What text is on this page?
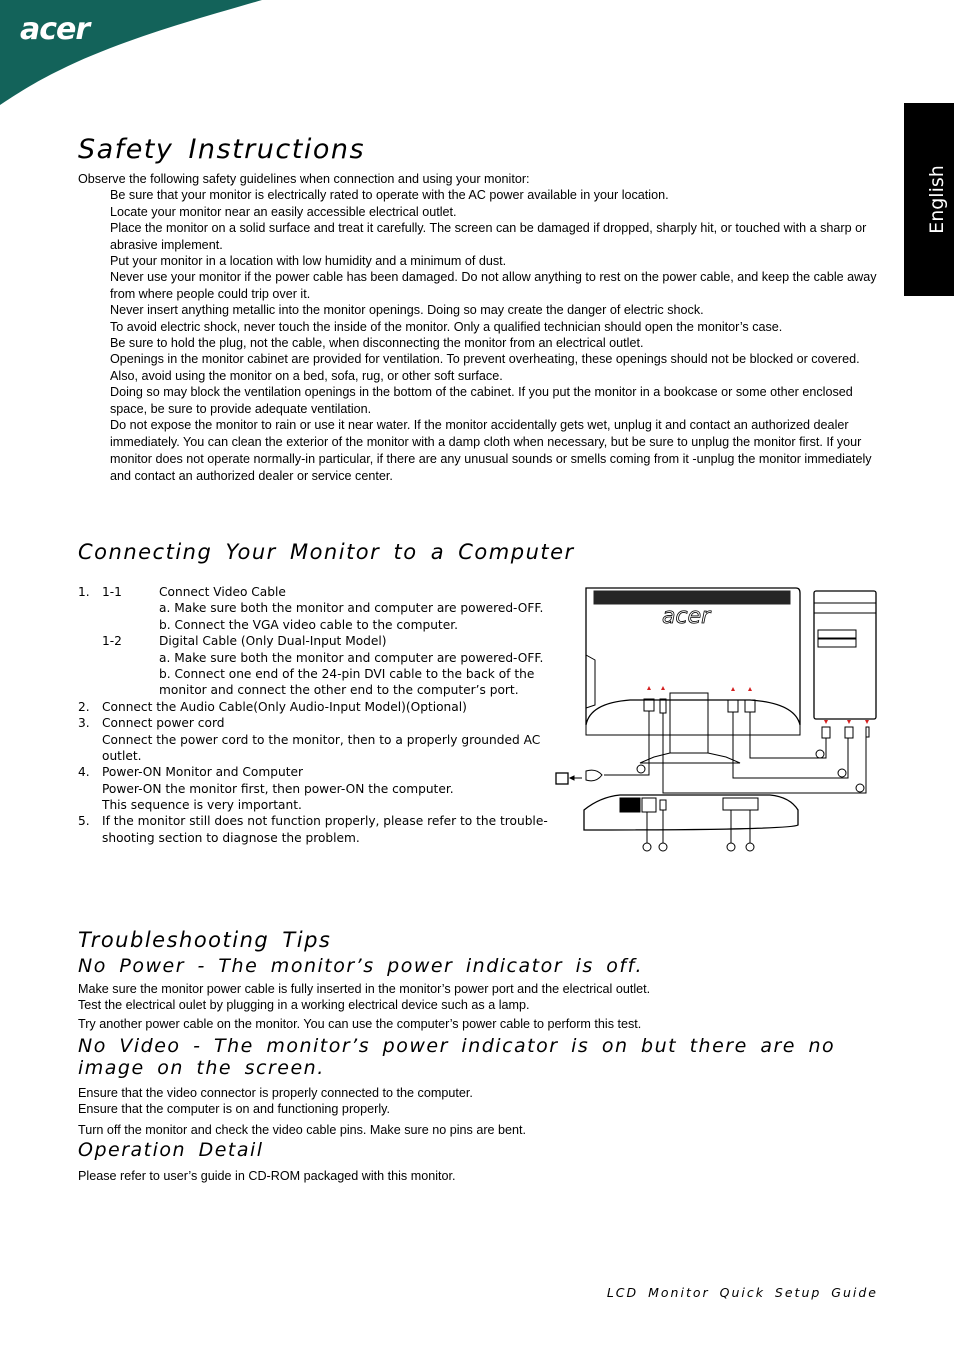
acer
English
Safety Instructions

Observe the following safety guidelines when connection and using your monitor:

Be sure that your monitor is electrically rated to operate with the AC power available in your location.

Locate your monitor near an easily accessible electrical outlet.

Place the monitor on a solid surface and treat it carefully. The screen can be damaged if dropped, sharply hit, or touched with a sharp or abrasive implement.

Put your monitor in a location with low humidity and a minimum of dust.

Never use your monitor if the power cable has been damaged. Do not allow anything to rest on the power cable, and keep the cable away from where people could trip over it.

Never insert anything metallic into the monitor openings. Doing so may create the danger of electric shock.

To avoid electric shock, never touch the inside of the monitor. Only a qualified technician should open the monitor’s case.

Be sure to hold the plug, not the cable, when disconnecting the monitor from an electrical outlet.

Openings in the monitor cabinet are provided for ventilation. To prevent overheating, these openings should not be blocked or covered. Also, avoid using the monitor on a bed, sofa, rug, or other soft surface.

Doing so may block the ventilation openings in the bottom of the cabinet. If you put the monitor in a bookcase or some other enclosed space, be sure to provide adequate ventilation.

Do not expose the monitor to rain or use it near water. If the monitor accidentally gets wet, unplug it and contact an authorized dealer immediately. You can clean the exterior of the monitor with a damp cloth when necessary, but be sure to unplug the monitor first. If your monitor does not operate normally-in particular, if there are any unusual sounds or smells coming from it -unplug the monitor immediately and contact an authorized dealer or service center.

Connecting Your Monitor to a Computer
1. 1-1	Connect Video Cable
a. Make sure both the monitor and computer are powered-OFF.
b. Connect the VGA video cable to the computer.
1-2	Digital Cable (Only Dual-Input Model)
a. Make sure both the monitor and computer are powered-OFF.
b. Connect one end of the 24-pin DVI cable to the back of the
monitor and connect the other end to the computer’s port.
2. Connect the Audio Cable(Only Audio-Input Model)(Optional)
3. Connect power cord
Connect the power cord to the monitor, then to a properly grounded AC
outlet.
4. Power-ON Monitor and Computer
Power-ON the monitor first, then power-ON the computer.
This sequence is very important.
5. If the monitor still does not function properly, please refer to the trouble-
shooting section to diagnose the problem.
acer
Troubleshooting Tips
No Power - The monitor’s power indicator is off.

Make sure the monitor power cable is fully inserted in the monitor’s power port and the electrical outlet.

Test the electrical oulet by plugging in a working electrical device such as a lamp.

Try another power cable on the monitor. You can use the computer’s power cable to perform this test.

No Video - The monitor’s power indicator is on but there are no
image on the screen.

Ensure that the video connector is properly connected to the computer.

Ensure that the computer is on and functioning properly.

Turn off the monitor and check the video cable pins. Make sure no pins are bent.

Operation Detail

Please refer to user’s guide in CD-ROM packaged with this monitor.

LCD Monitor Quick Setup Guide
